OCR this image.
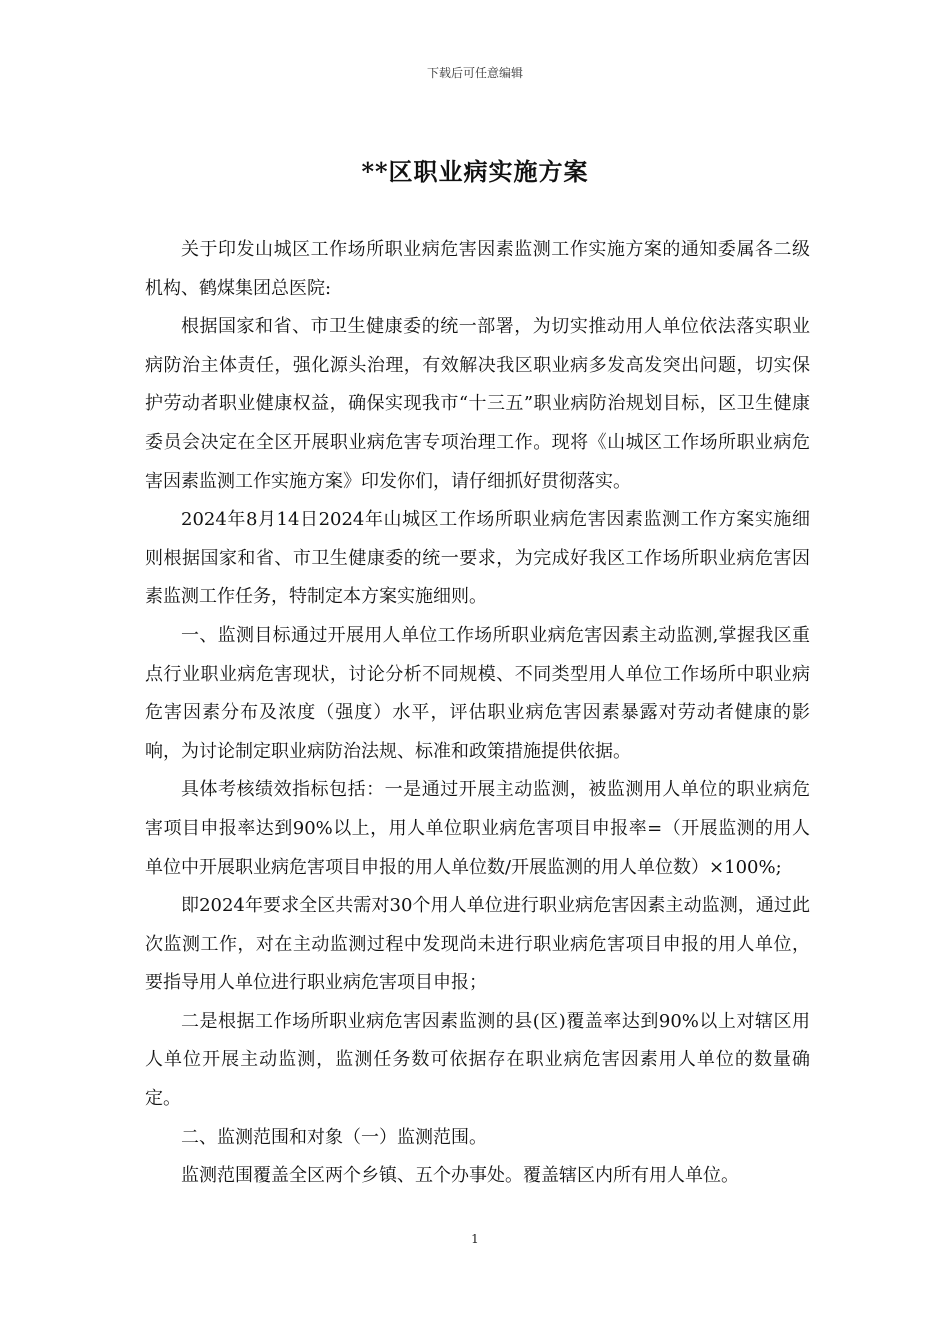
下载后可任意编辑
**区职业病实施方案

关于印发山城区工作场所职业病危害因素监测工作实施方案的通知委属各二级机构、鹤煤集团总医院:

根据国家和省、市卫生健康委的统一部署，为切实推动用人单位依法落实职业病防治主体责任，强化源头治理，有效解决我区职业病多发高发突出问题，切实保护劳动者职业健康权益，确保实现我市“十三五”职业病防治规划目标，区卫生健康委员会决定在全区开展职业病危害专项治理工作。现将《山城区工作场所职业病危害因素监测工作实施方案》印发你们，请仔细抓好贯彻落实。

2024年8月14日2024年山城区工作场所职业病危害因素监测工作方案实施细则根据国家和省、市卫生健康委的统一要求，为完成好我区工作场所职业病危害因素监测工作任务，特制定本方案实施细则。

一、监测目标通过开展用人单位工作场所职业病危害因素主动监测,掌握我区重点行业职业病危害现状，讨论分析不同规模、不同类型用人单位工作场所中职业病危害因素分布及浓度（强度）水平，评估职业病危害因素暴露对劳动者健康的影响，为讨论制定职业病防治法规、标准和政策措施提供依据。

具体考核绩效指标包括：一是通过开展主动监测，被监测用人单位的职业病危害项目申报率达到90%以上，用人单位职业病危害项目申报率=（开展监测的用人单位中开展职业病危害项目申报的用人单位数/开展监测的用人单位数）×100%;

即2024年要求全区共需对30个用人单位进行职业病危害因素主动监测，通过此次监测工作，对在主动监测过程中发现尚未进行职业病危害项目申报的用人单位，要指导用人单位进行职业病危害项目申报；

二是根据工作场所职业病危害因素监测的县(区)覆盖率达到90%以上对辖区用人单位开展主动监测，监测任务数可依据存在职业病危害因素用人单位的数量确定。

二、监测范围和对象（一）监测范围。

监测范围覆盖全区两个乡镇、五个办事处。覆盖辖区内所有用人单位。

1
